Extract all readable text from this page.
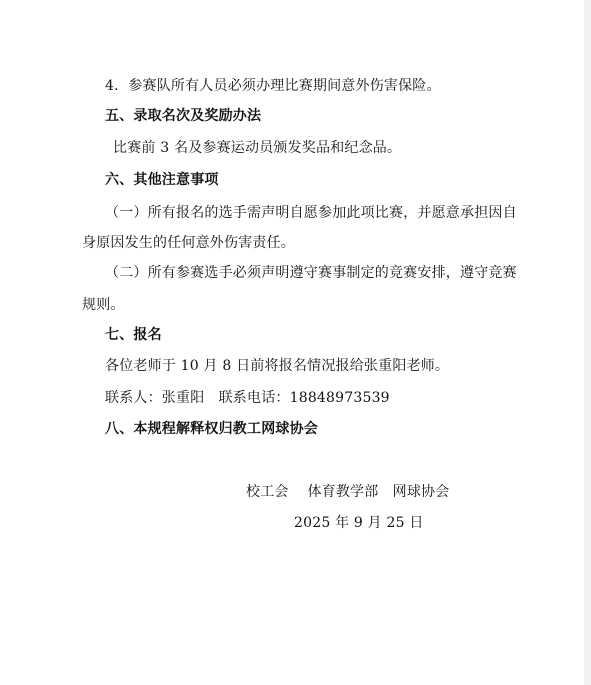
4．参赛队所有人员必须办理比赛期间意外伤害保险。
五、录取名次及奖励办法
比赛前 3 名及参赛运动员颁发奖品和纪念品。
六、其他注意事项
（一）所有报名的选手需声明自愿参加此项比赛，并愿意承担因自
身原因发生的任何意外伤害责任。
（二）所有参赛选手必须声明遵守赛事制定的竞赛安排，遵守竞赛
规则。
七、报名
各位老师于 10 月 8 日前将报名情况报给张重阳老师。
联系人：张重阳　联系电话：18848973539
八、本规程解释权归教工网球协会
校工会　 体育教学部　网球协会
2025 年 9 月 25 日
